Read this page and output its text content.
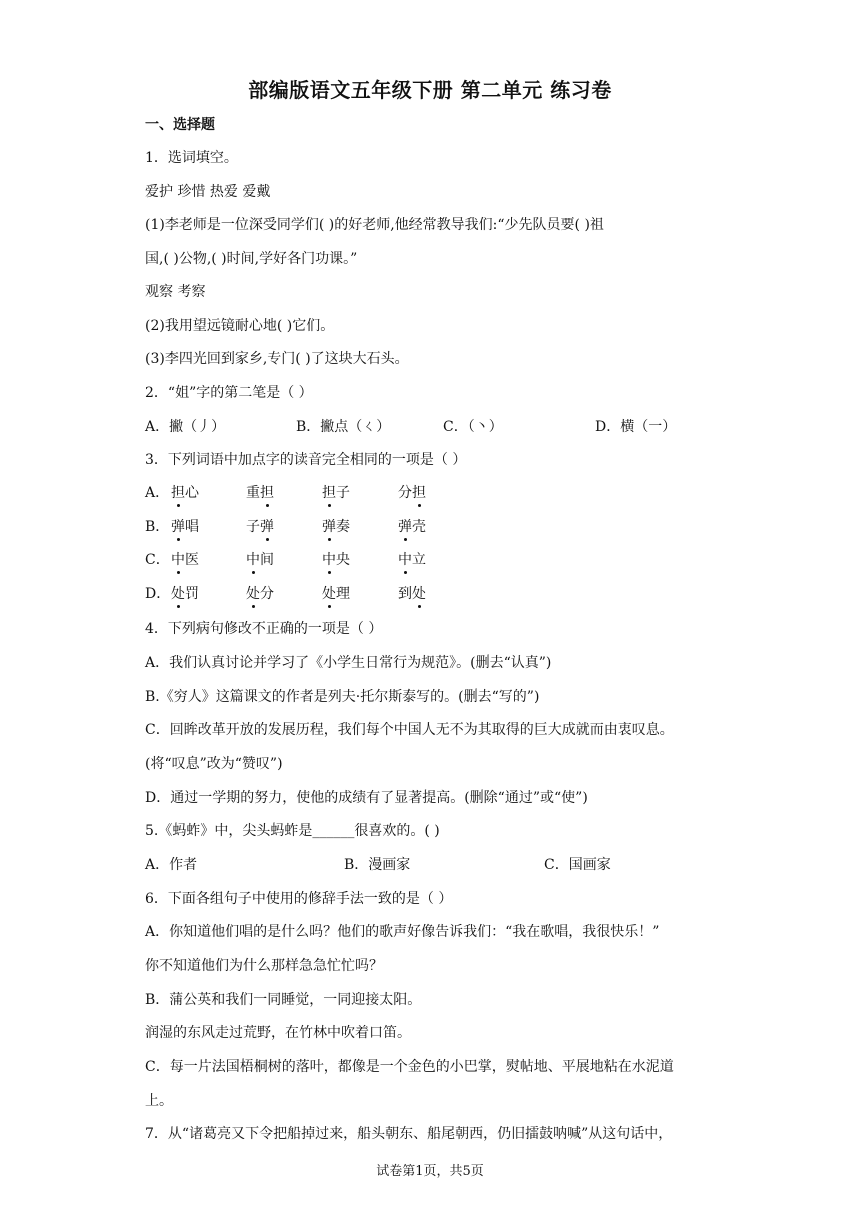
部编版语文五年级下册 第二单元 练习卷
一、选择题
1．选词填空。
爱护 珍惜 热爱 爱戴
(1)李老师是一位深受同学们( )的好老师,他经常教导我们:“少先队员要( )祖
国,( )公物,( )时间,学好各门功课。”
观察 考察
(2)我用望远镜耐心地( )它们。
(3)李四光回到家乡,专门( )了这块大石头。
2．“姐”字的第二笔是（ ）
A．撇（丿）	B．撇点（ㄑ）	C．（丶）	D．横（一）
3．下列词语中加点字的读音完全相同的一项是（ ）
A． 担心	重担	担子	分担
B． 弹唱	子弹	弹奏	弹壳
C． 中医	中间	中央	中立
D． 处罚	处分	处理	到处
4．下列病句修改不正确的一项是（ ）
A．我们认真讨论并学习了《小学生日常行为规范》。(删去“认真”)
B.《穷人》这篇课文的作者是列夫·托尔斯泰写的。(删去“写的”)
C．回眸改革开放的发展历程，我们每个中国人无不为其取得的巨大成就而由衷叹息。
(将“叹息”改为“赞叹”)
D．通过一学期的努力，使他的成绩有了显著提高。(删除“通过”或“使”)
5.《蚂蚱》中，尖头蚂蚱是______很喜欢的。( )
A．作者	B．漫画家	C．国画家
6．下面各组句子中使用的修辞手法一致的是（ ）
A．你知道他们唱的是什么吗？他们的歌声好像告诉我们：“我在歌唱，我很快乐！”
你不知道他们为什么那样急急忙忙吗？
B．蒲公英和我们一同睡觉，一同迎接太阳。
润湿的东风走过荒野，在竹林中吹着口笛。
C．每一片法国梧桐树的落叶，都像是一个金色的小巴掌，熨帖地、平展地粘在水泥道
上。
7．从“诸葛亮又下令把船掉过来，船头朝东、船尾朝西，仍旧擂鼓呐喊”从这句话中，
试卷第1页，共5页
